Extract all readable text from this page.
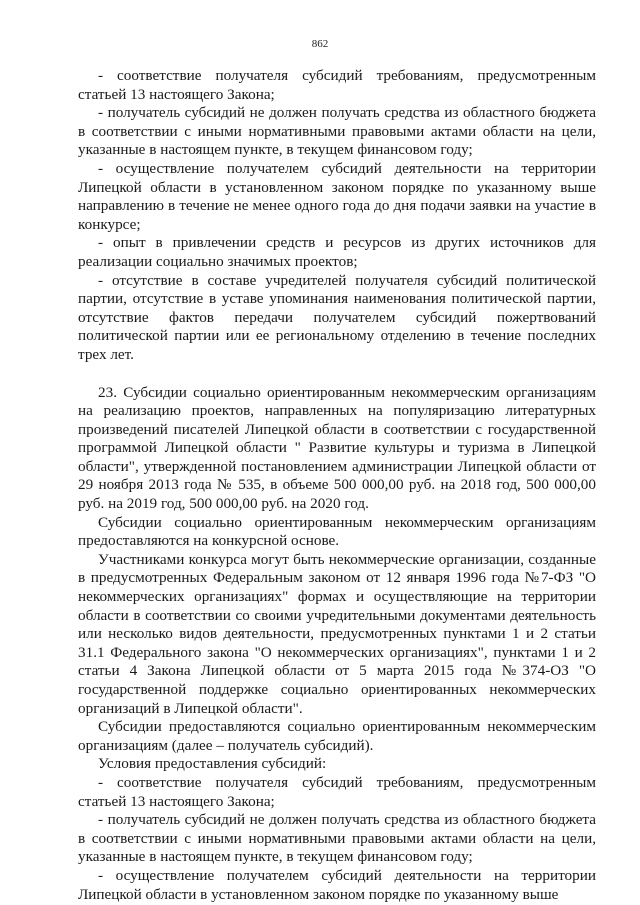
862

- соответствие получателя субсидий требованиям, предусмотренным статьей 13 настоящего Закона;

- получатель субсидий не должен получать средства из областного бюджета в соответствии с иными нормативными правовыми актами области на цели, указанные в настоящем пункте, в текущем финансовом году;

- осуществление получателем субсидий деятельности на территории Липецкой области в установленном законом порядке по указанному выше направлению в течение не менее одного года до дня подачи заявки на участие в конкурсе;

- опыт в привлечении средств и ресурсов из других источников для реализации социально значимых проектов;

- отсутствие в составе учредителей получателя субсидий политической партии, отсутствие в уставе упоминания наименования политической партии, отсутствие фактов передачи получателем субсидий пожертвований политической партии или ее региональному отделению в течение последних трех лет.

23. Субсидии социально ориентированным некоммерческим организациям на реализацию проектов, направленных на популяризацию литературных произведений писателей Липецкой области в соответствии с государственной программой Липецкой области " Развитие культуры и туризма в Липецкой области", утвержденной постановлением администрации Липецкой области от 29 ноября 2013 года № 535, в объеме 500 000,00 руб. на 2018 год, 500 000,00 руб. на 2019 год, 500 000,00 руб. на 2020 год.

Субсидии социально ориентированным некоммерческим организациям предоставляются на конкурсной основе.

Участниками конкурса могут быть некоммерческие организации, созданные в предусмотренных Федеральным законом от 12 января 1996 года №7-ФЗ "О некоммерческих организациях" формах и осуществляющие на территории области в соответствии со своими учредительными документами деятельность или несколько видов деятельности, предусмотренных пунктами 1 и 2 статьи 31.1 Федерального закона "О некоммерческих организациях", пунктами 1 и 2 статьи 4 Закона Липецкой области от 5 марта 2015 года №374-ОЗ "О государственной поддержке социально ориентированных некоммерческих организаций в Липецкой области".

Субсидии предоставляются социально ориентированным некоммерческим организациям (далее – получатель субсидий).

Условия предоставления субсидий:

- соответствие получателя субсидий требованиям, предусмотренным статьей 13 настоящего Закона;

- получатель субсидий не должен получать средства из областного бюджета в соответствии с иными нормативными правовыми актами области на цели, указанные в настоящем пункте, в текущем финансовом году;

- осуществление получателем субсидий деятельности на территории Липецкой области в установленном законом порядке по указанному выше
